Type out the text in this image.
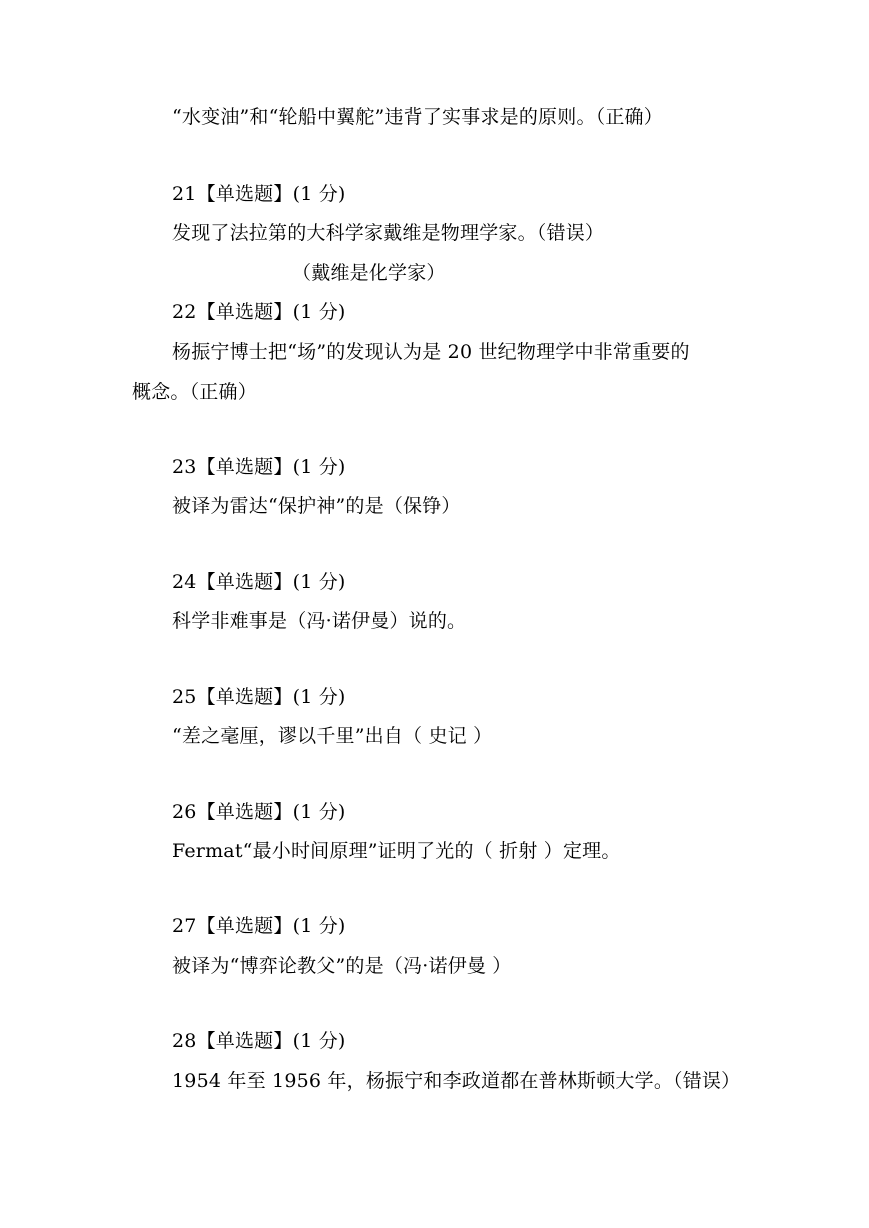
“水变油”和“轮船中翼舵”违背了实事求是的原则。（正确）
21【单选题】(1 分)
发现了法拉第的大科学家戴维是物理学家。（错误）
（戴维是化学家）
22【单选题】(1 分)
杨振宁博士把“场”的发现认为是 20 世纪物理学中非常重要的
概念。（正确）
23【单选题】(1 分)
被译为雷达“保护神”的是（保铮）
24【单选题】(1 分)
科学非难事是（冯·诺伊曼）说的。
25【单选题】(1 分)
“差之毫厘，谬以千里”出自（ 史记 ）
26【单选题】(1 分)
Fermat“最小时间原理”证明了光的（ 折射 ）定理。
27【单选题】(1 分)
被译为“博弈论教父”的是（冯·诺伊曼 ）
28【单选题】(1 分)
1954 年至 1956 年，杨振宁和李政道都在普林斯顿大学。（错误）
